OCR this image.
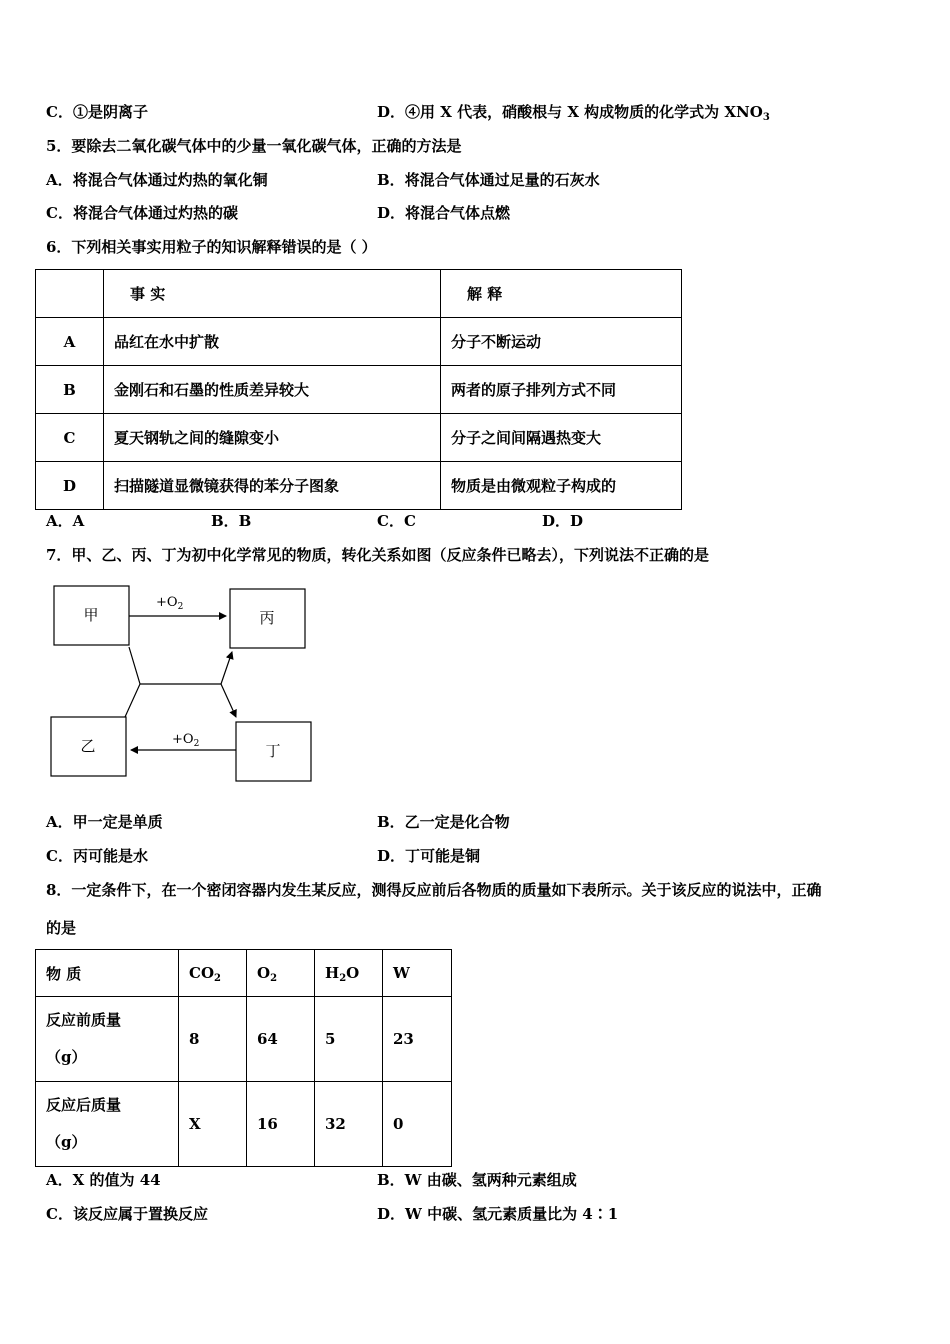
C．①是阴离子	D．④用 X 代表，硝酸根与 X 构成物质的化学式为 $XNO_3$
5．要除去二氧化碳气体中的少量一氧化碳气体，正确的方法是
A．将混合气体通过灼热的氧化铜	B．将混合气体通过足量的石灰水
C．将混合气体通过灼热的碳	D．将混合气体点燃
6．下列相关事实用粒子的知识解释错误的是（ ）
	事 实	解 释
A	品红在水中扩散	分子不断运动
B	金刚石和石墨的性质差异较大	两者的原子排列方式不同
C	夏天钢轨之间的缝隙变小	分子之间间隔遇热变大
D	扫描隧道显微镜获得的苯分子图象	物质是由微观粒子构成的
A．A	B．B	C．C	D．D
7．甲、乙、丙、丁为初中化学常见的物质，转化关系如图（反应条件已略去），下列说法不正确的是
甲	丙
乙	丁
$+O_2$
$+O_2$
A．甲一定是单质	B．乙一定是化合物
C．丙可能是水	D．丁可能是铜
8．一定条件下，在一个密闭容器内发生某反应，测得反应前后各物质的质量如下表所示。关于该反应的说法中，正确
的是
物 质	$CO_2$	$O_2$	$H_2O$	W

反应前质量
（g）	8	64	5	23

反应后质量
（g）	X	16	32	0
A．X 的值为 44	B．W 由碳、氢两种元素组成
C．该反应属于置换反应	D．W 中碳、氢元素质量比为 4∶1
